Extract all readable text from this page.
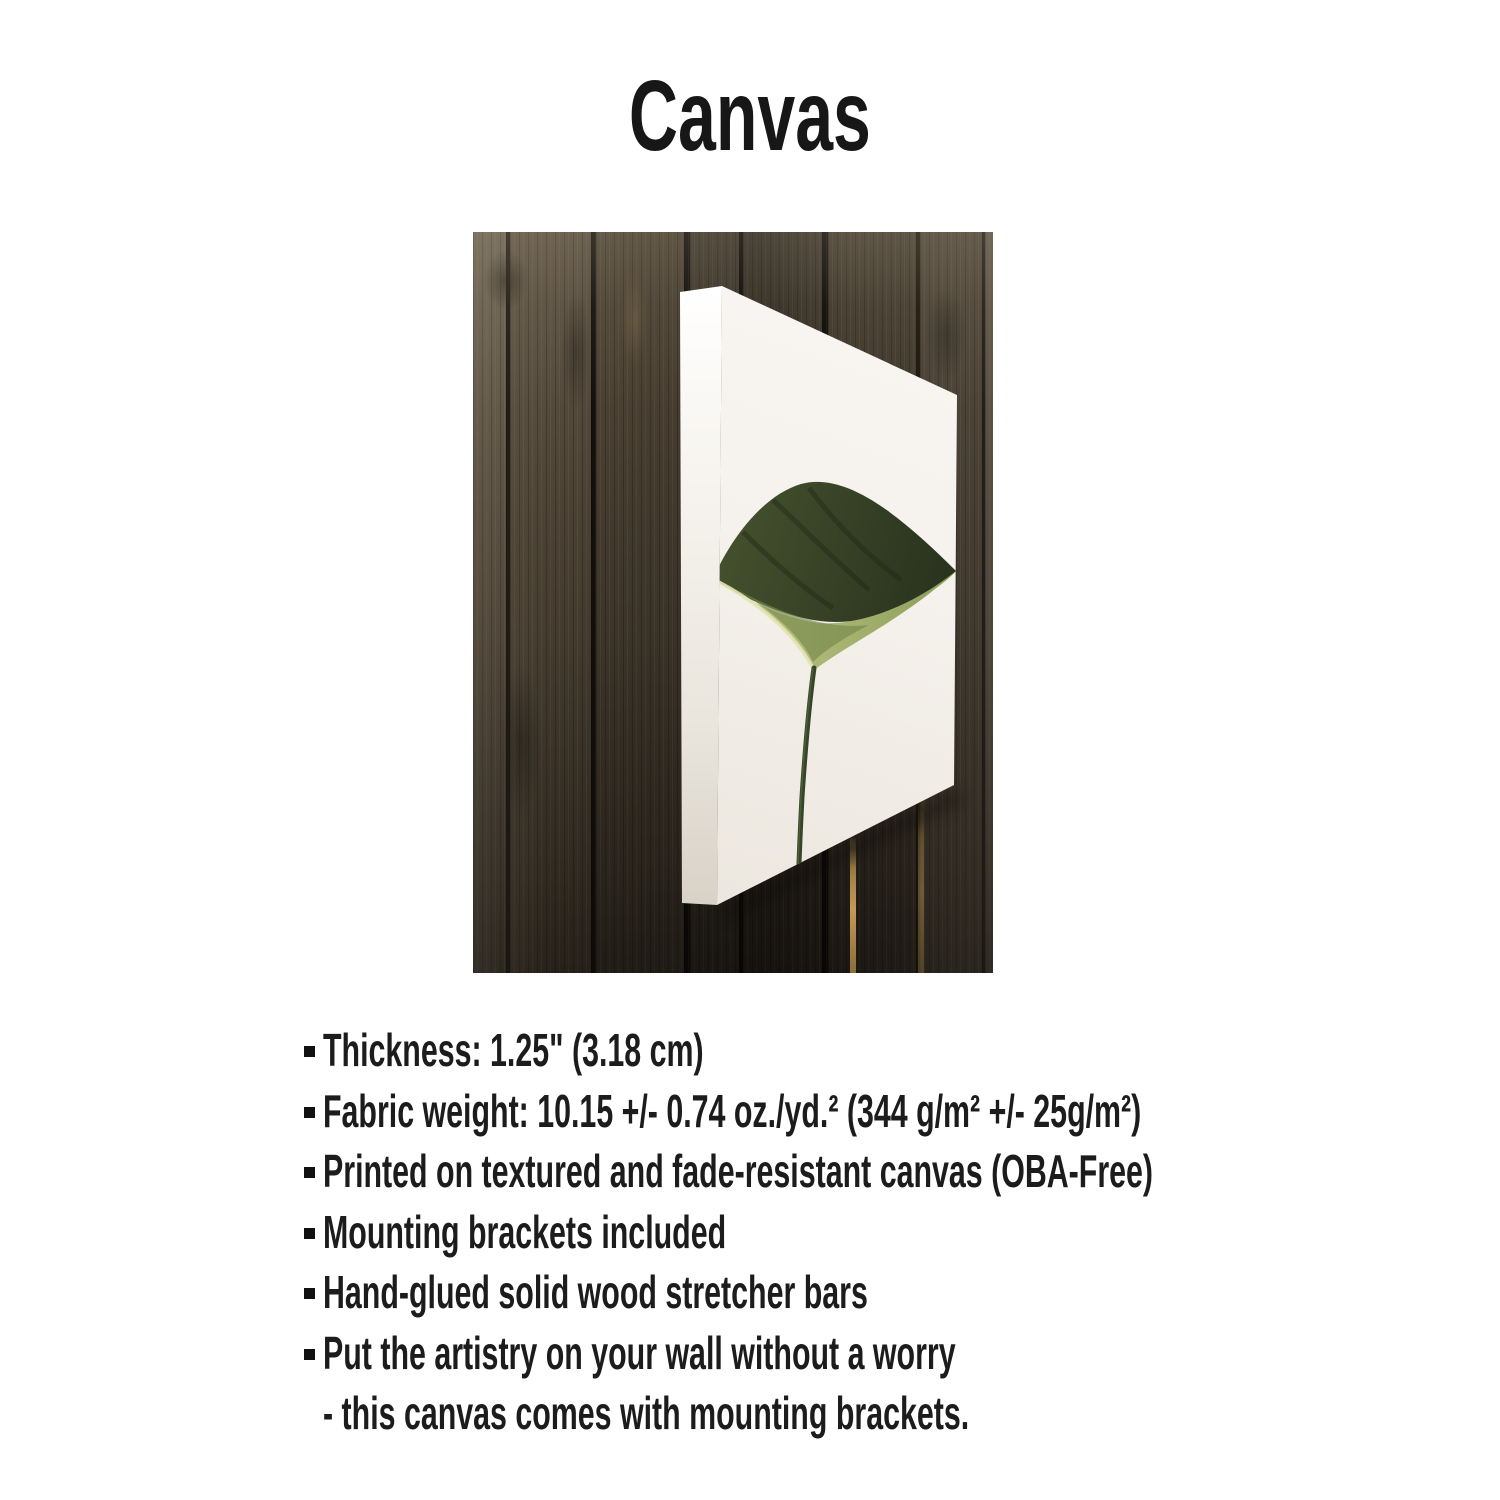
Canvas
Thickness: 1.25" (3.18 cm)
Fabric weight: 10.15 +/- 0.74 oz./yd.² (344 g/m² +/- 25g/m²)
Printed on textured and fade-resistant canvas (OBA-Free)
Mounting brackets included
Hand-glued solid wood stretcher bars
Put the artistry on your wall without a worry
- this canvas comes with mounting brackets.
